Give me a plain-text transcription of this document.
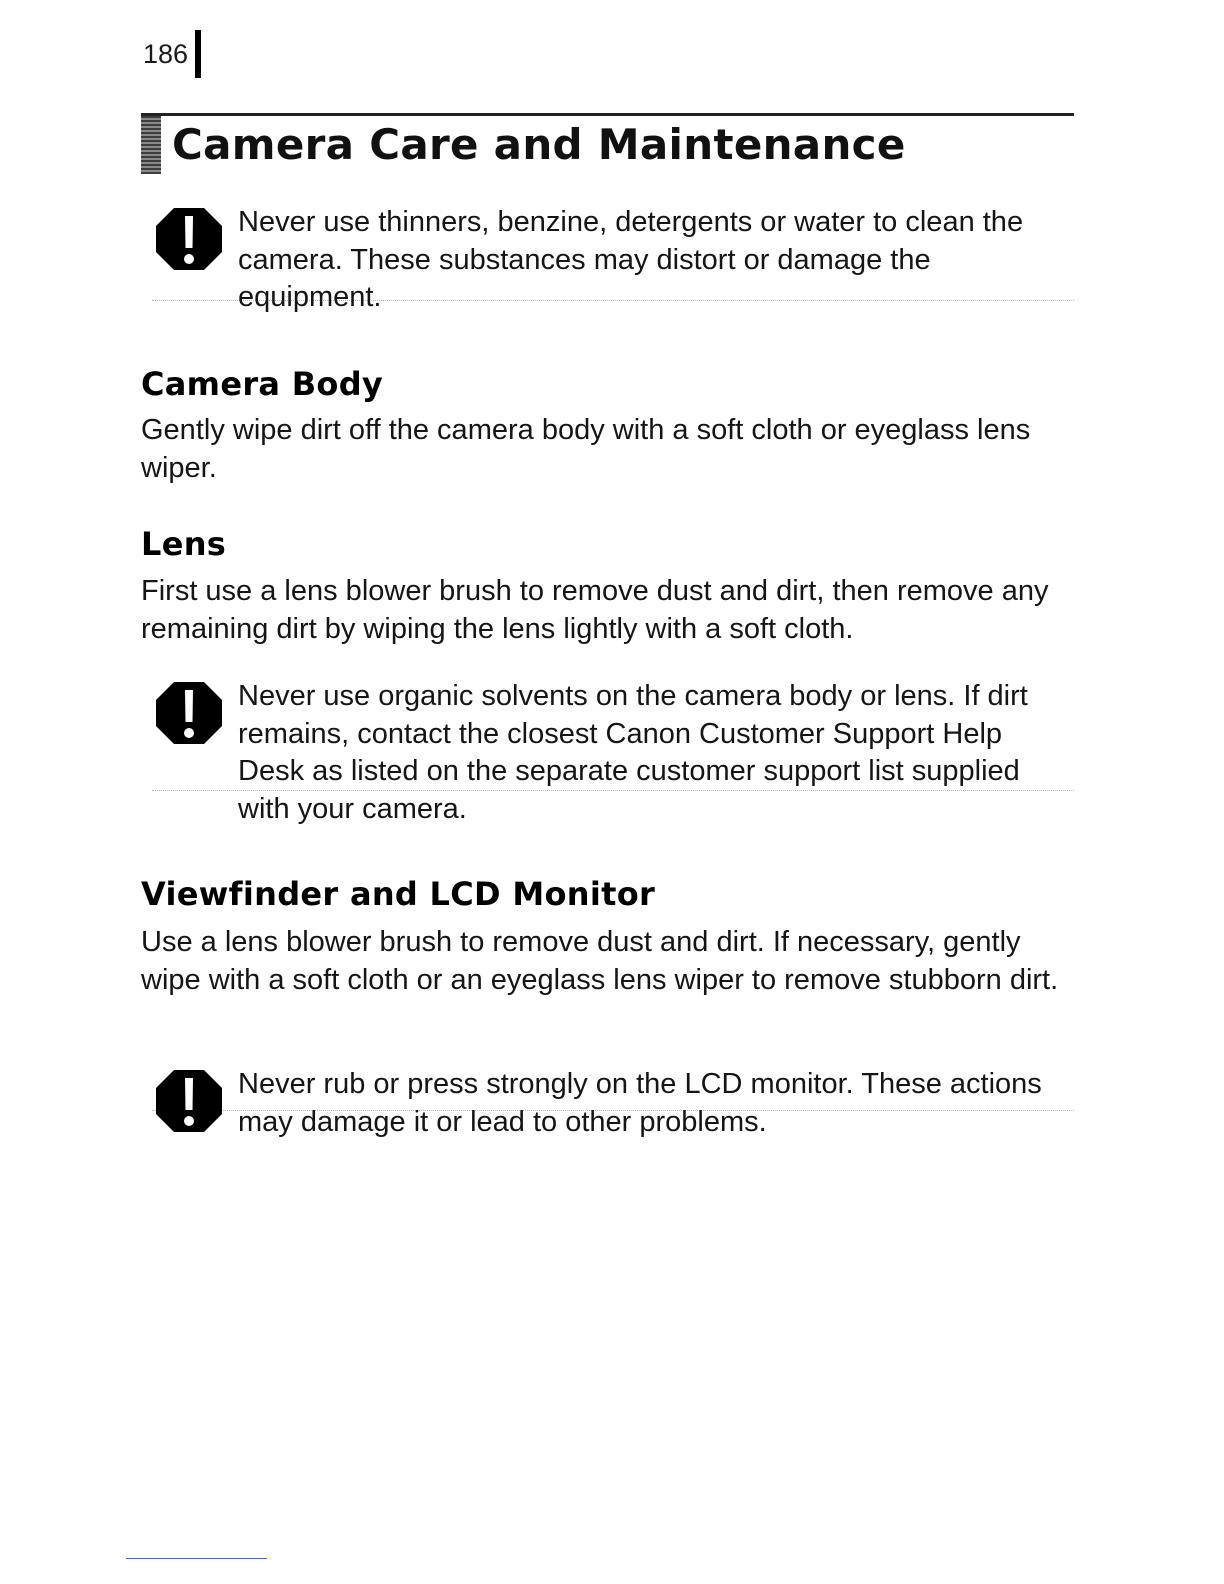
186
Camera Care and Maintenance

Never use thinners, benzine, detergents or water to clean the camera. These substances may distort or damage the equipment.

Camera Body

Gently wipe dirt off the camera body with a soft cloth or eyeglass lens wiper.

Lens

First use a lens blower brush to remove dust and dirt, then remove any remaining dirt by wiping the lens lightly with a soft cloth.

Never use organic solvents on the camera body or lens. If dirt remains, contact the closest Canon Customer Support Help Desk as listed on the separate customer support list supplied with your camera.

Viewfinder and LCD Monitor

Use a lens blower brush to remove dust and dirt. If necessary, gently wipe with a soft cloth or an eyeglass lens wiper to remove stubborn dirt.

Never rub or press strongly on the LCD monitor. These actions may damage it or lead to other problems.
